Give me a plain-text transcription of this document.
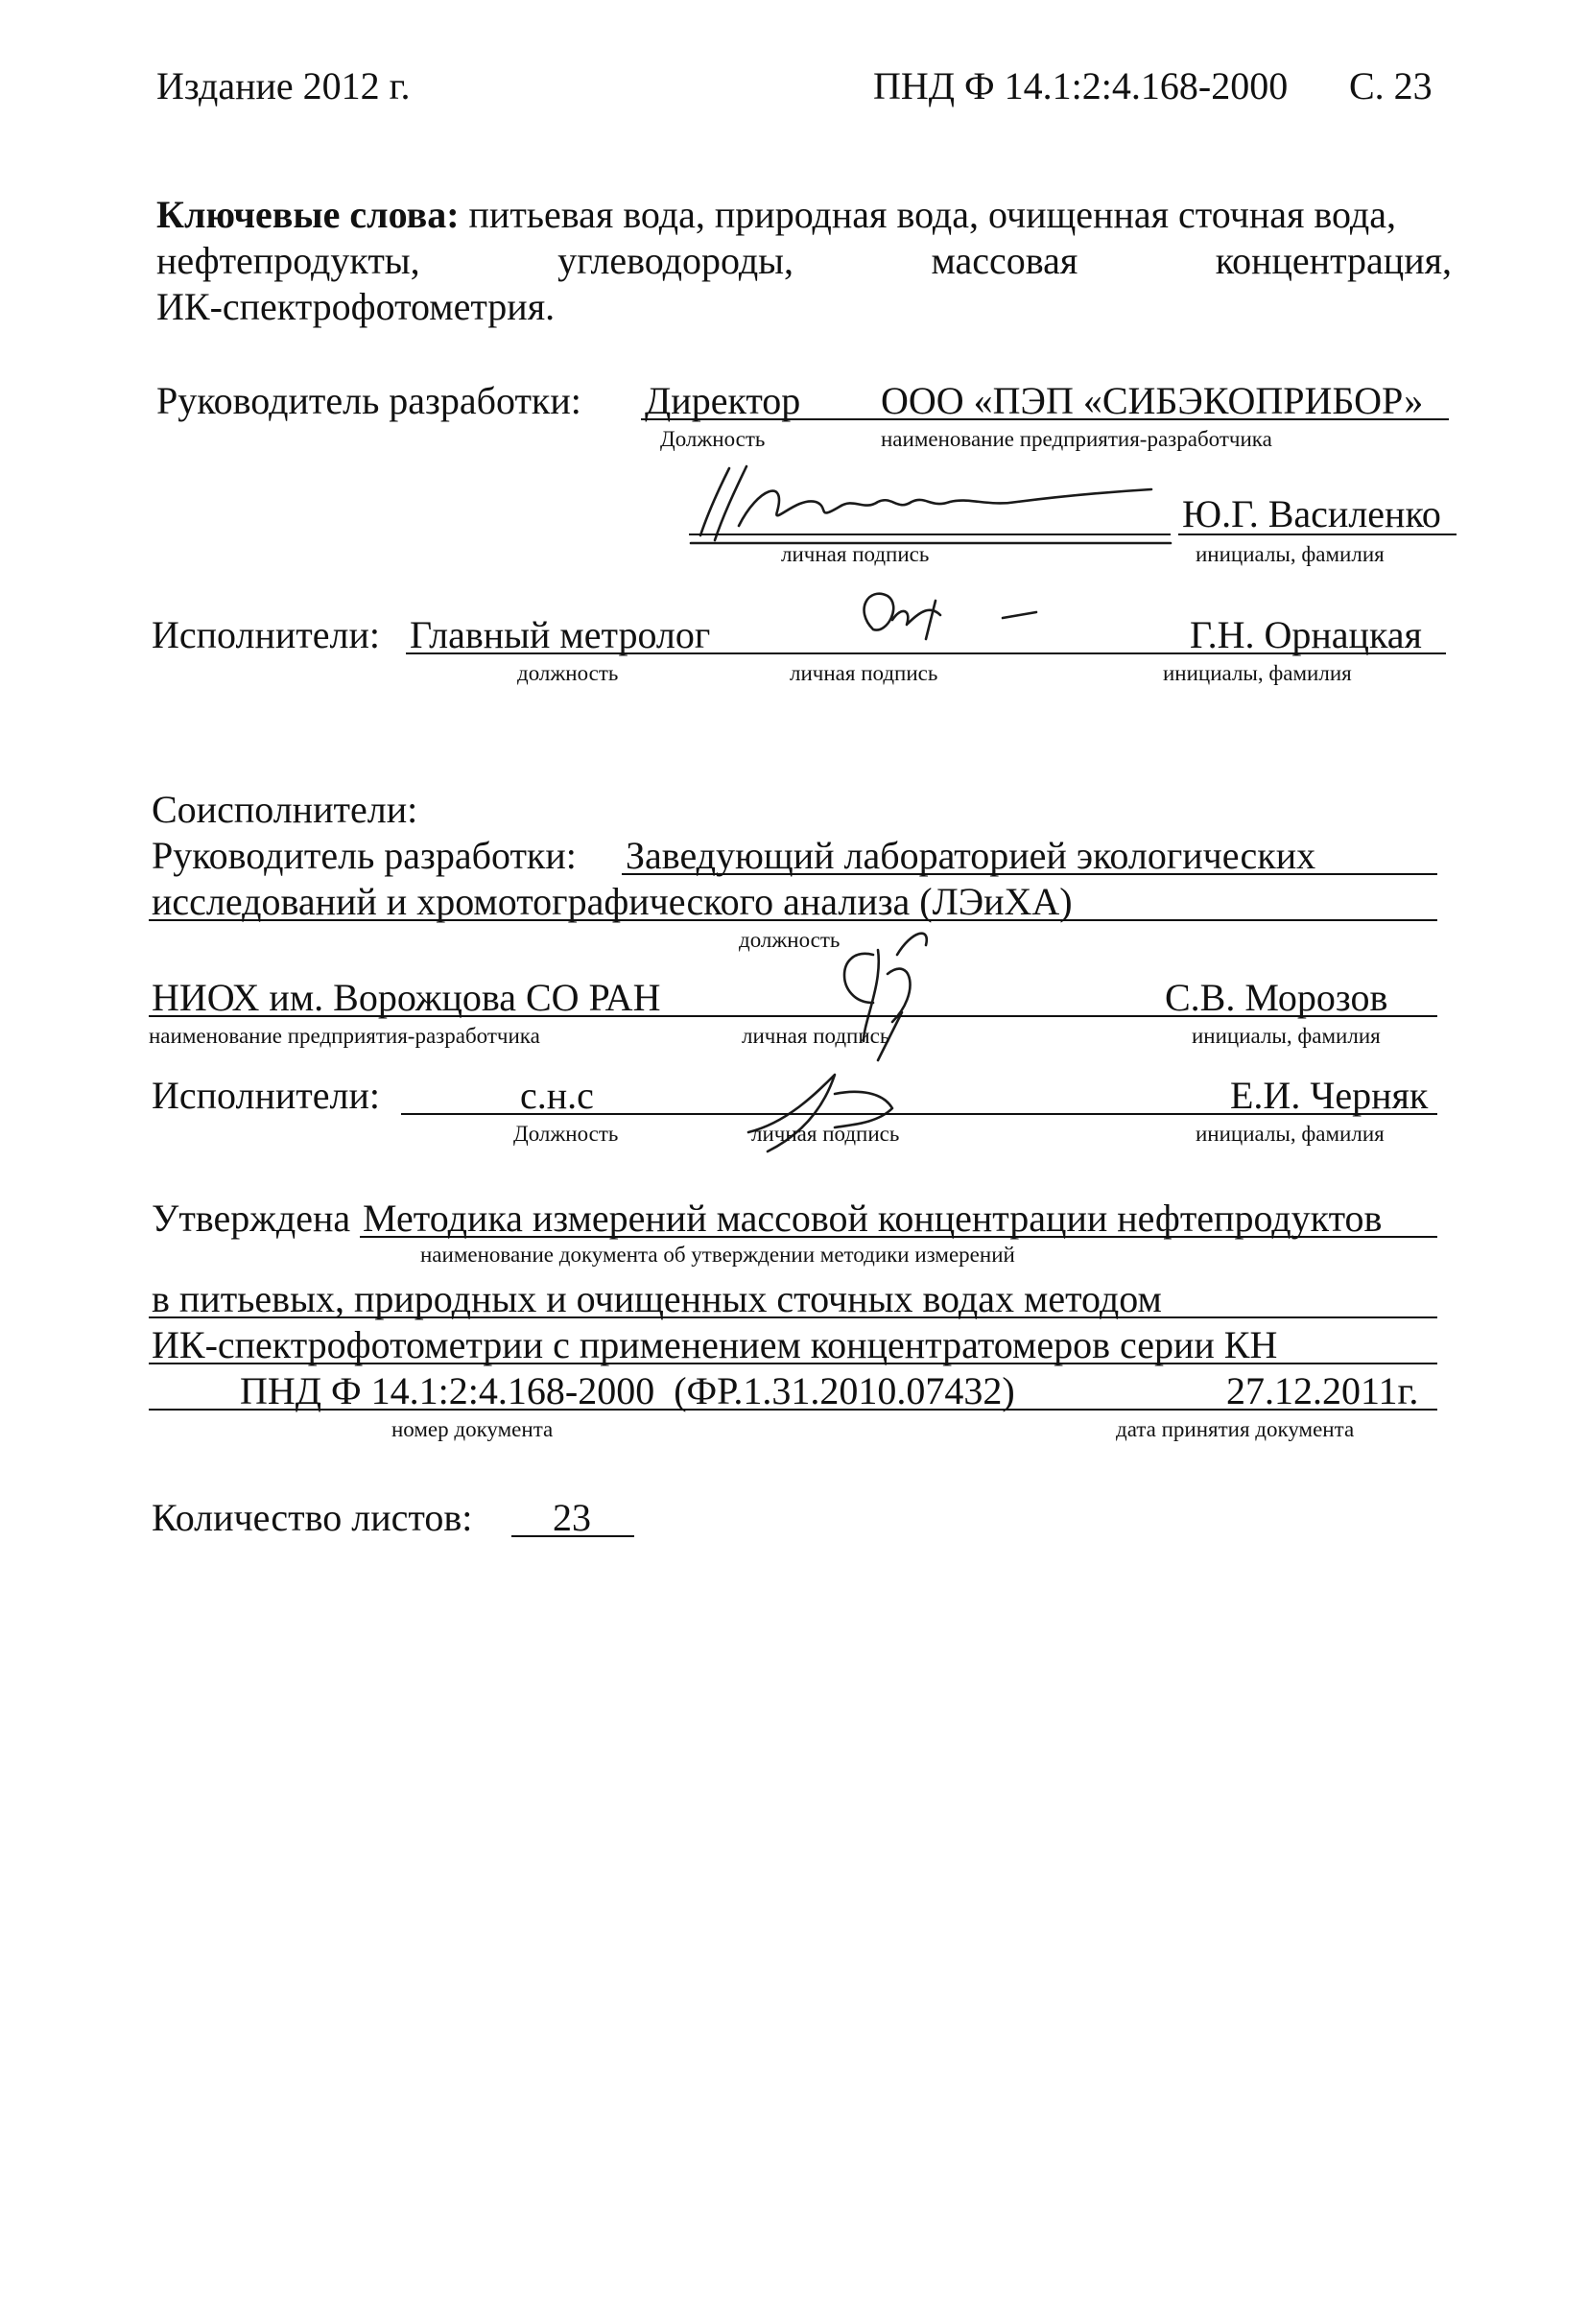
Издание 2012 г.	ПНД Ф 14.1:2:4.168-2000 С. 23
Ключевые слова: питьевая вода, природная вода, очищенная сточная вода,
нефтепродукты,	углеводороды,	массовая	концентрация,
ИК-спектрофотометрия.
Руководитель разработки: Директор ООО «ПЭП «СИБЭКОПРИБОР»
Должность	наименование предприятия-разработчика
Ю.Г. Василенко
личная подпись	инициалы, фамилия
Исполнители: Главный метролог	Г.Н. Орнацкая
должность	личная подпись	инициалы, фамилия
Соисполнители:
Руководитель разработки: Заведующий лабораторией экологических
исследований и хромотографического анализа (ЛЭиХА)
должность
НИОХ им. Ворожцова СО РАН	С.В. Морозов
наименование предприятия-разработчика	личная подпись	инициалы, фамилия
Исполнители:	с.н.с	Е.И. Черняк
Должность	личная подпись	инициалы, фамилия
Утверждена Методика измерений массовой концентрации нефтепродуктов
наименование документа об утверждении методики измерений
в питьевых, природных и очищенных сточных водах методом
ИК-спектрофотометрии с применением концентратомеров серии КН
ПНД Ф 14.1:2:4.168-2000  (ФР.1.31.2010.07432)	27.12.2011г.
номер документа	дата принятия документа
Количество листов: 23
